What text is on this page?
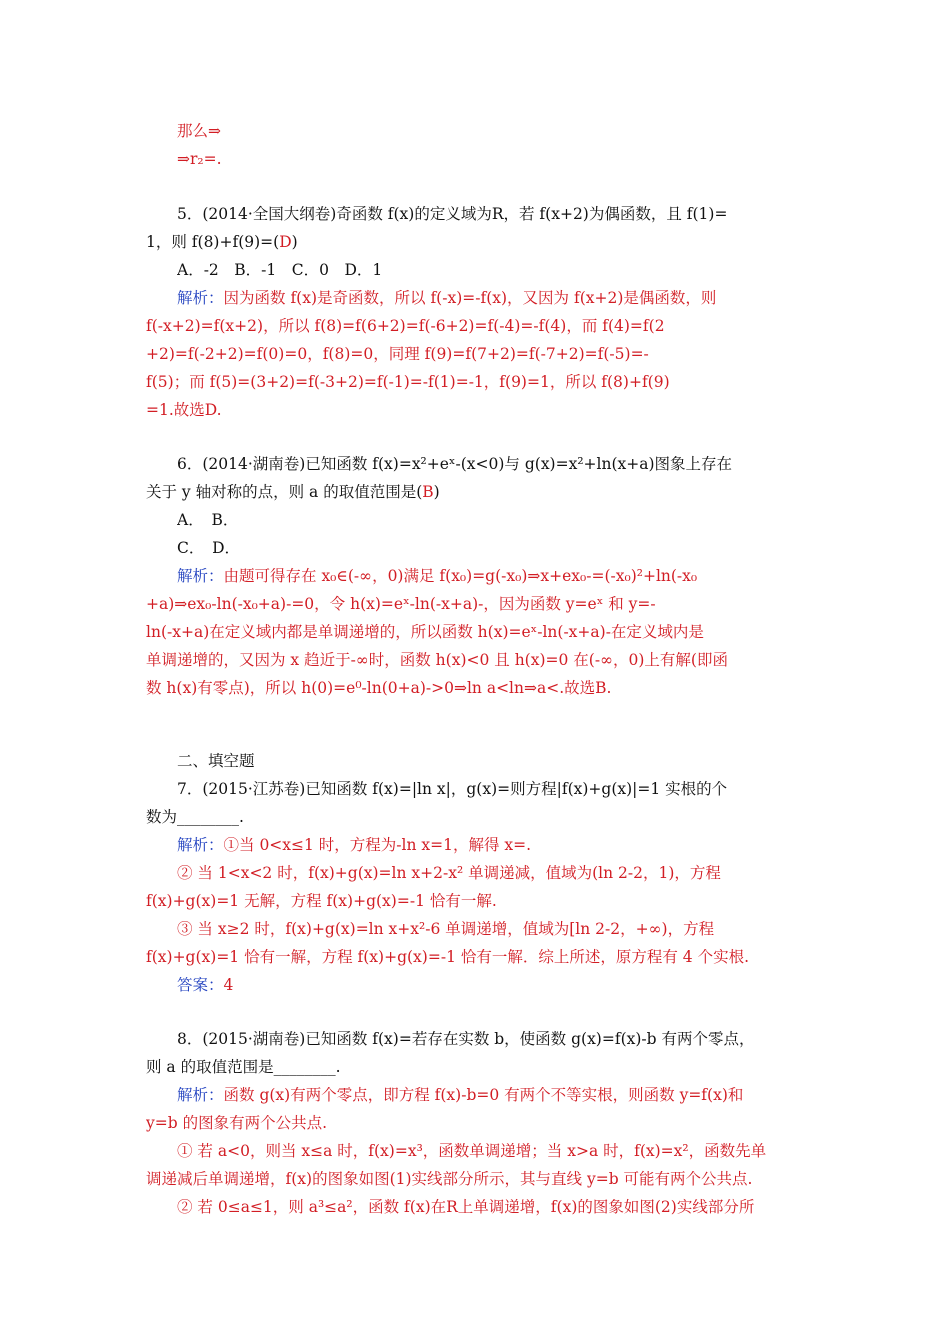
那么⇒
⇒r₂=.
5．(2014·全国大纲卷)奇函数 f(x)的定义域为R，若 f(x+2)为偶函数，且 f(1)=
1，则 f(8)+f(9)=(D)
A．-2　B．-1　C．0　D．1
解析：因为函数 f(x)是奇函数，所以 f(-x)=-f(x)，又因为 f(x+2)是偶函数，则
f(-x+2)=f(x+2)，所以 f(8)=f(6+2)=f(-6+2)=f(-4)=-f(4)，而 f(4)=f(2
+2)=f(-2+2)=f(0)=0，f(8)=0，同理 f(9)=f(7+2)=f(-7+2)=f(-5)=-
f(5)；而 f(5)=(3+2)=f(-3+2)=f(-1)=-f(1)=-1，f(9)=1，所以 f(8)+f(9)
=1.故选D.
6．(2014·湖南卷)已知函数 f(x)=x²+eˣ-(x<0)与 g(x)=x²+ln(x+a)图象上存在
关于 y 轴对称的点，则 a 的取值范围是(B)
A．　B．
C．　D．
解析：由题可得存在 x₀∈(-∞，0)满足 f(x₀)=g(-x₀)⇒x+ex₀-=(-x₀)²+ln(-x₀
+a)⇒ex₀-ln(-x₀+a)-=0，令 h(x)=eˣ-ln(-x+a)-，因为函数 y=eˣ 和 y=-
ln(-x+a)在定义域内都是单调递增的，所以函数 h(x)=eˣ-ln(-x+a)-在定义域内是
单调递增的，又因为 x 趋近于-∞时，函数 h(x)<0 且 h(x)=0 在(-∞，0)上有解(即函
数 h(x)有零点)，所以 h(0)=e⁰-ln(0+a)->0⇒ln a<ln⇒a<.故选B.
二、填空题
7．(2015·江苏卷)已知函数 f(x)=|ln x|，g(x)=则方程|f(x)+g(x)|=1 实根的个
数为________.
解析：①当 0<x≤1 时，方程为-ln x=1，解得 x=.
② 当 1<x<2 时，f(x)+g(x)=ln x+2-x² 单调递减，值域为(ln 2-2，1)，方程
f(x)+g(x)=1 无解，方程 f(x)+g(x)=-1 恰有一解.
③ 当 x≥2 时，f(x)+g(x)=ln x+x²-6 单调递增，值域为[ln 2-2，+∞)，方程
f(x)+g(x)=1 恰有一解，方程 f(x)+g(x)=-1 恰有一解．综上所述，原方程有 4 个实根.
答案：4
8．(2015·湖南卷)已知函数 f(x)=若存在实数 b，使函数 g(x)=f(x)-b 有两个零点，
则 a 的取值范围是________.
解析：函数 g(x)有两个零点，即方程 f(x)-b=0 有两个不等实根，则函数 y=f(x)和
y=b 的图象有两个公共点.
① 若 a<0，则当 x≤a 时，f(x)=x³，函数单调递增；当 x>a 时，f(x)=x²，函数先单
调递减后单调递增，f(x)的图象如图(1)实线部分所示，其与直线 y=b 可能有两个公共点.
② 若 0≤a≤1，则 a³≤a²，函数 f(x)在R上单调递增，f(x)的图象如图(2)实线部分所
